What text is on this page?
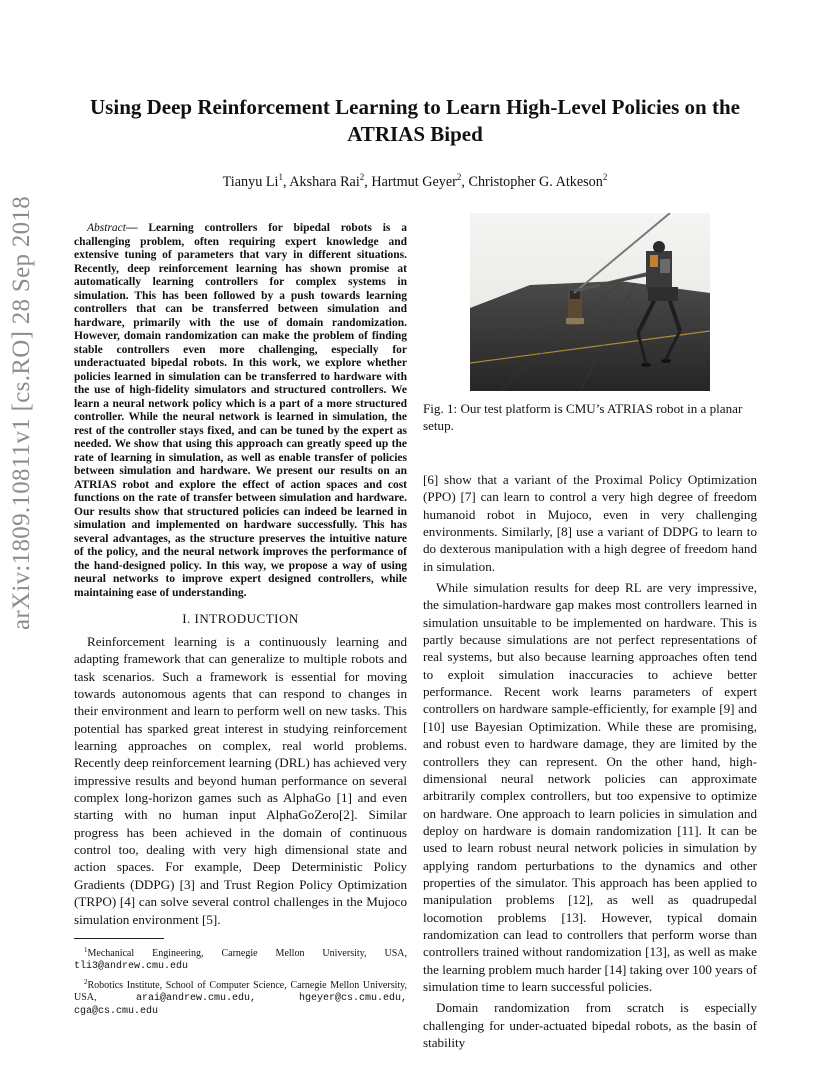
arXiv:1809.10811v1 [cs.RO] 28 Sep 2018
Using Deep Reinforcement Learning to Learn High-Level Policies on the ATRIAS Biped
Tianyu Li$^1$, Akshara Rai$^2$, Hartmut Geyer$^2$, Christopher G. Atkeson$^2$

Abstract— Learning controllers for bipedal robots is a challenging problem, often requiring expert knowledge and extensive tuning of parameters that vary in different situations. Recently, deep reinforcement learning has shown promise at automatically learning controllers for complex systems in simulation. This has been followed by a push towards learning controllers that can be transferred between simulation and hardware, primarily with the use of domain randomization. However, domain randomization can make the problem of finding stable controllers even more challenging, especially for underactuated bipedal robots. In this work, we explore whether policies learned in simulation can be transferred to hardware with the use of high-fidelity simulators and structured controllers. We learn a neural network policy which is a part of a more structured controller. While the neural network is learned in simulation, the rest of the controller stays fixed, and can be tuned by the expert as needed. We show that using this approach can greatly speed up the rate of learning in simulation, as well as enable transfer of policies between simulation and hardware. We present our results on an ATRIAS robot and explore the effect of action spaces and cost functions on the rate of transfer between simulation and hardware. Our results show that structured policies can indeed be learned in simulation and implemented on hardware successfully. This has several advantages, as the structure preserves the intuitive nature of the policy, and the neural network improves the performance of the hand-designed policy. In this way, we propose a way of using neural networks to improve expert designed controllers, while maintaining ease of understanding.

I. INTRODUCTION

Reinforcement learning is a continuously learning and adapting framework that can generalize to multiple robots and task scenarios. Such a framework is essential for moving towards autonomous agents that can respond to changes in their environment and learn to perform well on new tasks. This potential has sparked great interest in studying reinforcement learning approaches on complex, real world problems. Recently deep reinforcement learning (DRL) has achieved very impressive results and beyond human performance on several complex long-horizon games such as AlphaGo [1] and even starting with no human input AlphaGoZero[2]. Similar progress has been achieved in the domain of continuous control too, dealing with very high dimensional state and action spaces. For example, Deep Deterministic Policy Gradients (DDPG) [3] and Trust Region Policy Optimization (TRPO) [4] can solve several control challenges in the Mujoco simulation environment [5].

$^1$Mechanical Engineering, Carnegie Mellon University, USA, tli3@andrew.cmu.edu

$^2$Robotics Institute, School of Computer Science, Carnegie Mellon University, USA,	arai@andrew.cmu.edu, hgeyer@cs.cmu.edu, cga@cs.cmu.edu

Fig. 1: Our test platform is CMU’s ATRIAS robot in a planar setup.

[6] show that a variant of the Proximal Policy Optimization (PPO) [7] can learn to control a very high degree of freedom humanoid robot in Mujoco, even in very challenging environments. Similarly, [8] use a variant of DDPG to learn to do dexterous manipulation with a high degree of freedom hand in simulation.

While simulation results for deep RL are very impressive, the simulation-hardware gap makes most controllers learned in simulation unsuitable to be implemented on hardware. This is partly because simulations are not perfect representations of real systems, but also because learning approaches often tend to exploit simulation inaccuracies to achieve better performance. Recent work learns parameters of expert controllers on hardware sample-efficiently, for example [9] and [10] use Bayesian Optimization. While these are promising, and robust even to hardware damage, they are limited by the controllers they can represent. On the other hand, high-dimensional neural network policies can approximate arbitrarily complex controllers, but too expensive to optimize on hardware. One approach to learn policies in simulation and deploy on hardware is domain randomization [11]. It can be used to learn robust neural network policies in simulation by applying random perturbations to the dynamics and other properties of the simulator. This approach has been applied to manipulation problems [12], as well as quadrupedal locomotion problems [13]. However, typical domain randomization can lead to controllers that perform worse than controllers trained without randomization [13], as well as make the learning problem much harder [14] taking over 100 years of simulation time to learn successful policies.

Domain randomization from scratch is especially challenging for under-actuated bipedal robots, as the basin of stability
